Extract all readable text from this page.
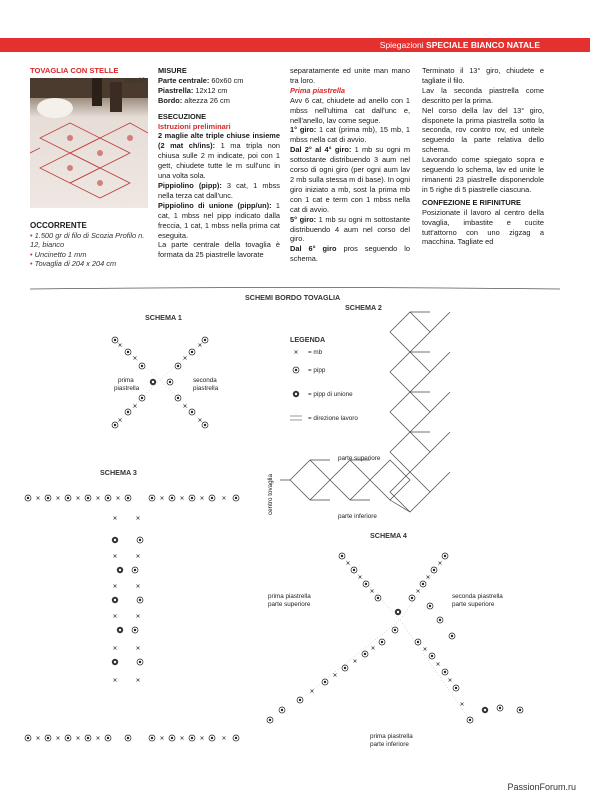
Spiegazioni SPECIALE BIANCO NATALE
TOVAGLIA CON STELLE
pag.19
OCCORRENTE
• 1.500 gr di filo di Scozia Profilo n. 12, bianco
• Uncinetto 1 mm
• Tovaglia di 204 x 204 cm

MISURE

Parte centrale: 60x60 cm

Piastrella: 12x12 cm

Bordo: altezza 26 cm

ESECUZIONE

Istruzioni preliminari

2 maglie alte triple chiuse insieme (2 mat ch/ins): 1 ma tripla non chiusa sulle 2 m indicate, poi con 1 gett, chiudete tutte le m sull'unc in una volta sola.

Pippiolino (pipp): 3 cat, 1 mbss nella terza cat dall'unc.

Pippiolino di unione (pipp/un): 1 cat, 1 mbss nel pipp indicato dalla freccia, 1 cat, 1 mbss nella prima cat eseguita.

La parte centrale della tovaglia è formata da 25 piastrelle lavorate

separatamente ed unite man mano tra loro.

Prima piastrella

Avv 6 cat, chiudete ad anello con 1 mbss nell'ultima cat dall'unc e, nell'anello, lav come segue.

1° giro: 1 cat (prima mb), 15 mb, 1 mbss nella cat di avvio.

Dal 2° al 4° giro: 1 mb su ogni m sottostante distribuendo 3 aum nel corso di ogni giro (per ogni aum lav 2 mb sulla stessa m di base). In ogni giro iniziato a mb, sost la prima mb con 1 cat e term con 1 mbss nella cat di avvio.

5° giro: 1 mb su ogni m sottostante distribuendo 4 aum nel corso del giro.

Dal 6° giro pros seguendo lo schema.

Terminato il 13° giro, chiudete e tagliate il filo.

Lav la seconda piastrella come descritto per la prima.

Nel corso della lav del 13° giro, disponete la prima piastrella sotto la seconda, rov contro rov, ed unitele seguendo la parte relativa dello schema.

Lavorando come spiegato sopra e seguendo lo schema, lav ed unite le rimanenti 23 piastrelle disponendole in 5 righe di 5 piastrelle ciascuna.

CONFEZIONE E RIFINITURE

Posizionate il lavoro al centro della tovaglia, imbastite e cucite tutt'attorno con uno zigzag a macchina. Tagliate ed

SCHEMI BORDO TOVAGLIA
SCHEMA 1
prima
piastrella
seconda
piastrella
LEGENDA
= mb
= pipp
= pipp di unione
= direzione lavoro
SCHEMA 2
parte superiore
parte inferiore
centro tovaglia
SCHEMA 3
SCHEMA 4
prima piastrella
parte superiore
seconda piastrella
parte superiore
prima piastrella
parte inferiore
PassionForum.ru
